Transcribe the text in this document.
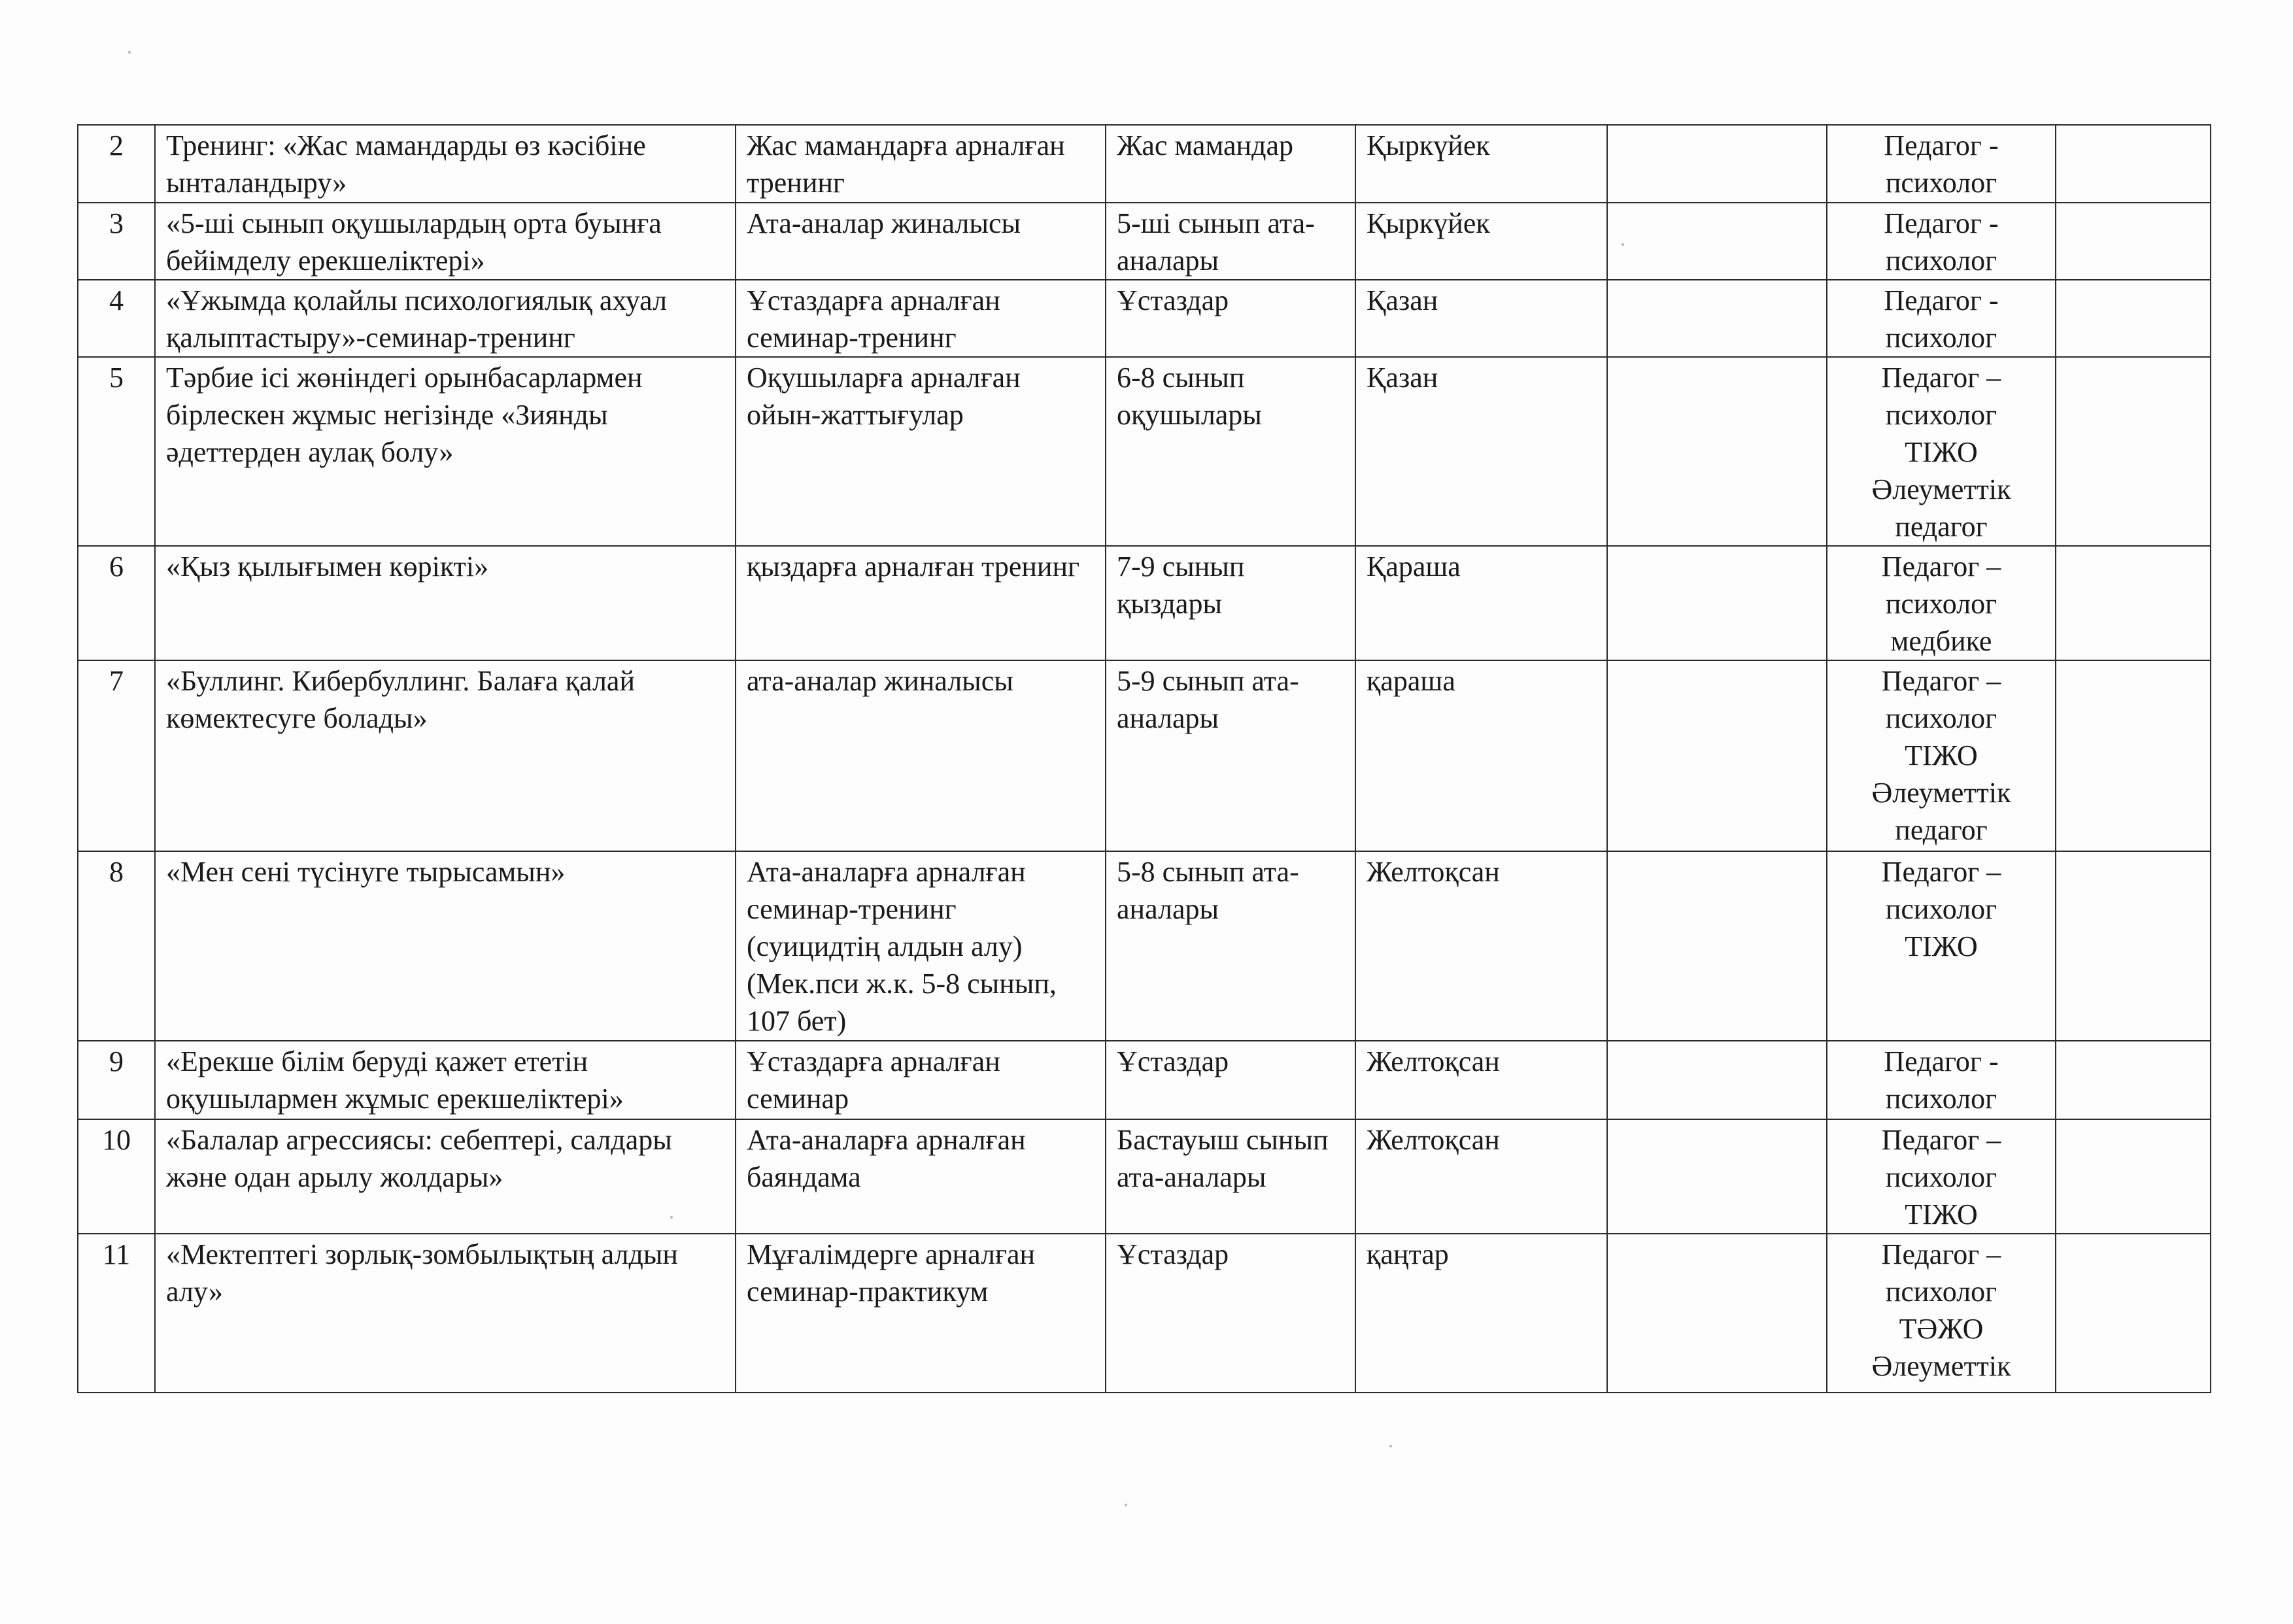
2	Тренинг: «Жас мамандарды өз кәсібіне ынталандыру»	Жас мамандарға арналған тренинг	Жас мамандар	Қыркүйек		Педагог -
психолог	

3	«5-ші сынып оқушылардың орта буынға бейімделу ерекшеліктері»	Ата-аналар жиналысы	5-ші сынып ата-аналары	Қыркүйек		Педагог -
психолог	

4	«Ұжымда қолайлы психологиялық ахуал қалыптастыру»-семинар-тренинг	Ұстаздарға арналған семинар-тренинг	Ұстаздар	Қазан		Педагог -
психолог	

5	Тәрбие ісі жөніндегі орынбасарлармен бірлескен жұмыс негізінде «Зиянды әдеттерден аулақ болу»	Оқушыларға арналған ойын-жаттығулар	6-8 сынып оқушылары	Қазан		Педагог –
психолог
ТІЖО
Әлеуметтік
педагог	

6	«Қыз қылығымен көрікті»	қыздарға арналған тренинг	7-9 сынып қыздары	Қараша		Педагог –
психолог
медбике	

7	«Буллинг. Кибербуллинг. Балаға қалай көмектесуге болады»	ата-аналар жиналысы	5-9 сынып ата-аналары	қараша		Педагог –
психолог
ТІЖО
Әлеуметтік
педагог	

8	«Мен сені түсінуге тырысамын»	Ата-аналарға арналған семинар-тренинг (суицидтің алдын алу) (Мек.пси ж.к. 5-8 сынып, 107 бет)	5-8 сынып ата-аналары	Желтоқсан		Педагог –
психолог
ТІЖО	

9	«Ерекше білім беруді қажет ететін оқушылармен жұмыс ерекшеліктері»	Ұстаздарға арналған семинар	Ұстаздар	Желтоқсан		Педагог -
психолог	

10	«Балалар агрессиясы: себептері, салдары және одан арылу жолдары»	Ата-аналарға арналған баяндама	Бастауыш сынып ата-аналары	Желтоқсан		Педагог –
психолог
ТІЖО	

11	«Мектептегі зорлық-зомбылықтың алдын алу»	Мұғалімдерге арналған семинар-практикум	Ұстаздар	қаңтар		Педагог –
психолог
ТӘЖО
Әлеуметтік	
